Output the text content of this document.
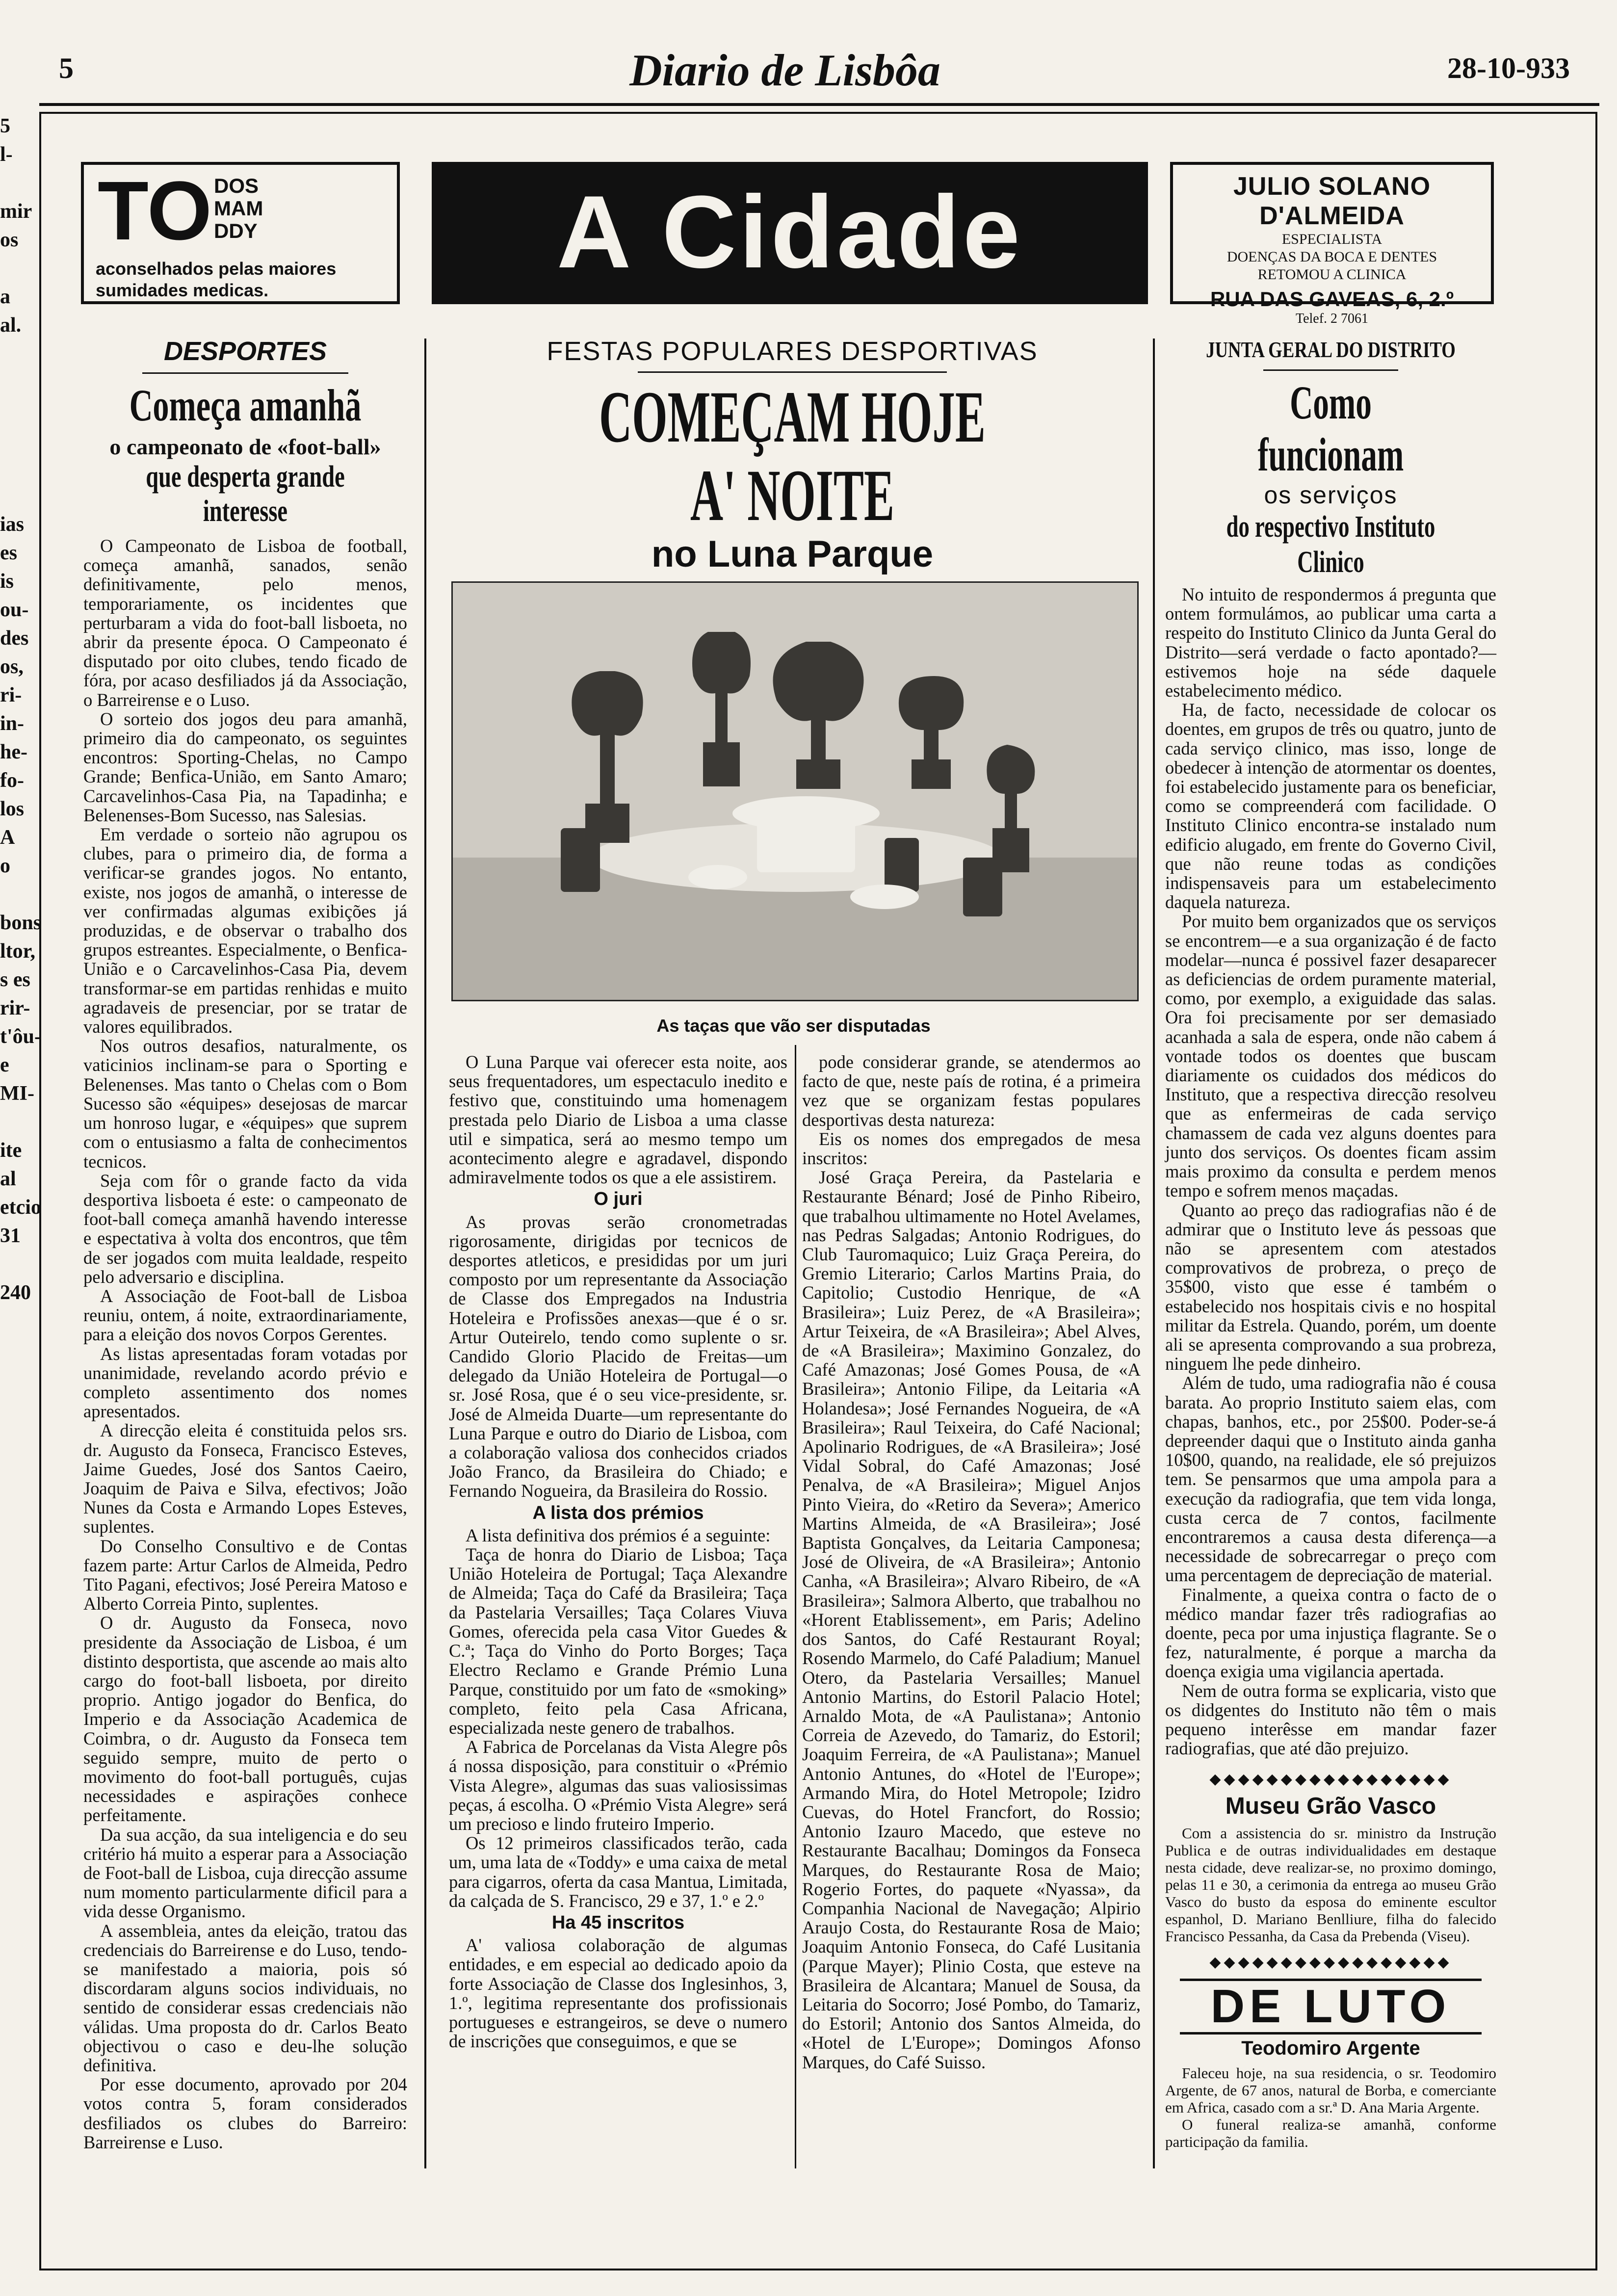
5	Diario de Lisbôa	28-10-933
5
l-

mir
os

a
al.

ias
es
is
ou-
des
os,
ri-
in-
he-
fo-
los
A
o

bons
ltor,
s es
rir-
t'ôu-
e MI-

ite
al
etcio
31

240
TO DOS
MAM
DDY
aconselhados pelas maiores sumidades medicas.
A Cidade	JULIO SOLANO D'ALMEIDA
ESPECIALISTA
DOENÇAS DA BOCA E DENTES
RETOMOU A CLINICA
RUA DAS GAVEAS, 6, 2.º
Telef. 2 7061
DESPORTES
Começa amanhã
o campeonato de «foot-ball»
que desperta grande interesse

O Campeonato de Lisboa de football, começa amanhã, sanados, senão definitivamente, pelo menos, temporariamente, os incidentes que perturbaram a vida do foot-ball lisboeta, no abrir da presente época. O Campeonato é disputado por oito clubes, tendo ficado de fóra, por acaso desfiliados já da Associação, o Barreirense e o Luso.

O sorteio dos jogos deu para amanhã, primeiro dia do campeonato, os seguintes encontros: Sporting-Chelas, no Campo Grande; Benfica-União, em Santo Amaro; Carcavelinhos-Casa Pia, na Tapadinha; e Belenenses-Bom Sucesso, nas Salesias.

Em verdade o sorteio não agrupou os clubes, para o primeiro dia, de forma a verificar-se grandes jogos. No entanto, existe, nos jogos de amanhã, o interesse de ver confirmadas algumas exibições já produzidas, e de observar o trabalho dos grupos estreantes. Especialmente, o Benfica-União e o Carcavelinhos-Casa Pia, devem transformar-se em partidas renhidas e muito agradaveis de presenciar, por se tratar de valores equilibrados.

Nos outros desafios, naturalmente, os vaticinios inclinam-se para o Sporting e Belenenses. Mas tanto o Chelas com o Bom Sucesso são «équipes» desejosas de marcar um honroso lugar, e «équipes» que suprem com o entusiasmo a falta de conhecimentos tecnicos.

Seja com fôr o grande facto da vida desportiva lisboeta é este: o campeonato de foot-ball começa amanhã havendo interesse e espectativa à volta dos encontros, que têm de ser jogados com muita lealdade, respeito pelo adversario e disciplina.

A Associação de Foot-ball de Lisboa reuniu, ontem, á noite, extraordinariamente, para a eleição dos novos Corpos Gerentes.

As listas apresentadas foram votadas por unanimidade, revelando acordo prévio e completo assentimento dos nomes apresentados.

A direcção eleita é constituida pelos srs. dr. Augusto da Fonseca, Francisco Esteves, Jaime Guedes, José dos Santos Caeiro, Joaquim de Paiva e Silva, efectivos; João Nunes da Costa e Armando Lopes Esteves, suplentes.

Do Conselho Consultivo e de Contas fazem parte: Artur Carlos de Almeida, Pedro Tito Pagani, efectivos; José Pereira Matoso e Alberto Correia Pinto, suplentes.

O dr. Augusto da Fonseca, novo presidente da Associação de Lisboa, é um distinto desportista, que ascende ao mais alto cargo do foot-ball lisboeta, por direito proprio. Antigo jogador do Benfica, do Imperio e da Associação Academica de Coimbra, o dr. Augusto da Fonseca tem seguido sempre, muito de perto o movimento do foot-ball português, cujas necessidades e aspirações conhece perfeitamente.

Da sua acção, da sua inteligencia e do seu critério há muito a esperar para a Associação de Foot-ball de Lisboa, cuja direcção assume num momento particularmente dificil para a vida desse Organismo.

A assembleia, antes da eleição, tratou das credenciais do Barreirense e do Luso, tendo-se manifestado a maioria, pois só discordaram alguns socios individuais, no sentido de considerar essas credenciais não válidas. Uma proposta do dr. Carlos Beato objectivou o caso e deu-lhe solução definitiva.

Por esse documento, aprovado por 204 votos contra 5, foram considerados desfiliados os clubes do Barreiro: Barreirense e Luso.

FESTAS POPULARES DESPORTIVAS
COMEÇAM HOJE A' NOITE
no Luna Parque
As taças que vão ser disputadas

O Luna Parque vai oferecer esta noite, aos seus frequentadores, um espectaculo inedito e festivo que, constituindo uma homenagem prestada pelo Diario de Lisboa a uma classe util e simpatica, será ao mesmo tempo um acontecimento alegre e agradavel, dispondo admiravelmente todos os que a ele assistirem.

O juri

As provas serão cronometradas rigorosamente, dirigidas por tecnicos de desportes atleticos, e presididas por um juri composto por um representante da Associação de Classe dos Empregados na Industria Hoteleira e Profissões anexas—que é o sr. Artur Outeirelo, tendo como suplente o sr. Candido Glorio Placido de Freitas—um delegado da União Hoteleira de Portugal—o sr. José Rosa, que é o seu vice-presidente, sr. José de Almeida Duarte—um representante do Luna Parque e outro do Diario de Lisboa, com a colaboração valiosa dos conhecidos criados João Franco, da Brasileira do Chiado; e Fernando Nogueira, da Brasileira do Rossio.

A lista dos prémios

A lista definitiva dos prémios é a seguinte:

Taça de honra do Diario de Lisboa; Taça União Hoteleira de Portugal; Taça Alexandre de Almeida; Taça do Café da Brasileira; Taça da Pastelaria Versailles; Taça Colares Viuva Gomes, oferecida pela casa Vitor Guedes & C.ª; Taça do Vinho do Porto Borges; Taça Electro Reclamo e Grande Prémio Luna Parque, constituido por um fato de «smoking» completo, feito pela Casa Africana, especializada neste genero de trabalhos.

A Fabrica de Porcelanas da Vista Alegre pôs á nossa disposição, para constituir o «Prémio Vista Alegre», algumas das suas valiosissimas peças, á escolha. O «Prémio Vista Alegre» será um precioso e lindo fruteiro Imperio.

Os 12 primeiros classificados terão, cada um, uma lata de «Toddy» e uma caixa de metal para cigarros, oferta da casa Mantua, Limitada, da calçada de S. Francisco, 29 e 37, 1.º e 2.º

Ha 45 inscritos

A' valiosa colaboração de algumas entidades, e em especial ao dedicado apoio da forte Associação de Classe dos Inglesinhos, 3, 1.º, legitima representante dos profissionais portugueses e estrangeiros, se deve o numero de inscrições que conseguimos, e que se

pode considerar grande, se atendermos ao facto de que, neste país de rotina, é a primeira vez que se organizam festas populares desportivas desta natureza:

Eis os nomes dos empregados de mesa inscritos:

José Graça Pereira, da Pastelaria e Restaurante Bénard; José de Pinho Ribeiro, que trabalhou ultimamente no Hotel Avelames, nas Pedras Salgadas; Antonio Rodrigues, do Club Tauromaquico; Luiz Graça Pereira, do Gremio Literario; Carlos Martins Praia, do Capitolio; Custodio Henrique, de «A Brasileira»; Luiz Perez, de «A Brasileira»; Artur Teixeira, de «A Brasileira»; Abel Alves, de «A Brasileira»; Maximino Gonzalez, do Café Amazonas; José Gomes Pousa, de «A Brasileira»; Antonio Filipe, da Leitaria «A Holandesa»; José Fernandes Nogueira, de «A Brasileira»; Raul Teixeira, do Café Nacional; Apolinario Rodrigues, de «A Brasileira»; José Vidal Sobral, do Café Amazonas; José Penalva, de «A Brasileira»; Miguel Anjos Pinto Vieira, do «Retiro da Severa»; Americo Martins Almeida, de «A Brasileira»; José Baptista Gonçalves, da Leitaria Camponesa; José de Oliveira, de «A Brasileira»; Antonio Canha, «A Brasileira»; Alvaro Ribeiro, de «A Brasileira»; Salmora Alberto, que trabalhou no «Horent Etablissement», em Paris; Adelino dos Santos, do Café Restaurant Royal; Rosendo Marmelo, do Café Paladium; Manuel Otero, da Pastelaria Versailles; Manuel Antonio Martins, do Estoril Palacio Hotel; Arnaldo Mota, de «A Paulistana»; Antonio Correia de Azevedo, do Tamariz, do Estoril; Joaquim Ferreira, de «A Paulistana»; Manuel Antonio Antunes, do «Hotel de l'Europe»; Armando Mira, do Hotel Metropole; Izidro Cuevas, do Hotel Francfort, do Rossio; Antonio Izauro Macedo, que esteve no Restaurante Bacalhau; Domingos da Fonseca Marques, do Restaurante Rosa de Maio; Rogerio Fortes, do paquete «Nyassa», da Companhia Nacional de Navegação; Alpirio Araujo Costa, do Restaurante Rosa de Maio; Joaquim Antonio Fonseca, do Café Lusitania (Parque Mayer); Plinio Costa, que esteve na Brasileira de Alcantara; Manuel de Sousa, da Leitaria do Socorro; José Pombo, do Tamariz, do Estoril; Antonio dos Santos Almeida, do «Hotel de L'Europe»; Domingos Afonso Marques, do Café Suisso.

JUNTA GERAL DO DISTRITO
Como funcionam
os serviços
do respectivo Instituto Clinico

No intuito de respondermos á pregunta que ontem formulámos, ao publicar uma carta a respeito do Instituto Clinico da Junta Geral do Distrito—será verdade o facto apontado?—estivemos hoje na séde daquele estabelecimento médico.

Ha, de facto, necessidade de colocar os doentes, em grupos de três ou quatro, junto de cada serviço clinico, mas isso, longe de obedecer à intenção de atormentar os doentes, foi estabelecido justamente para os beneficiar, como se compreenderá com facilidade. O Instituto Clinico encontra-se instalado num edificio alugado, em frente do Governo Civil, que não reune todas as condições indispensaveis para um estabelecimento daquela natureza.

Por muito bem organizados que os serviços se encontrem—e a sua organização é de facto modelar—nunca é possivel fazer desaparecer as deficiencias de ordem puramente material, como, por exemplo, a exiguidade das salas. Ora foi precisamente por ser demasiado acanhada a sala de espera, onde não cabem á vontade todos os doentes que buscam diariamente os cuidados dos médicos do Instituto, que a respectiva direcção resolveu que as enfermeiras de cada serviço chamassem de cada vez alguns doentes para junto dos serviços. Os doentes ficam assim mais proximo da consulta e perdem menos tempo e sofrem menos maçadas.

Quanto ao preço das radiografias não é de admirar que o Instituto leve ás pessoas que não se apresentem com atestados comprovativos de probreza, o preço de 35$00, visto que esse é também o estabelecido nos hospitais civis e no hospital militar da Estrela. Quando, porém, um doente ali se apresenta comprovando a sua probreza, ninguem lhe pede dinheiro.

Além de tudo, uma radiografia não é cousa barata. Ao proprio Instituto saiem elas, com chapas, banhos, etc., por 25$00. Poder-se-á depreender daqui que o Instituto ainda ganha 10$00, quando, na realidade, ele só prejuizos tem. Se pensarmos que uma ampola para a execução da radiografia, que tem vida longa, custa cerca de 7 contos, facilmente encontraremos a causa desta diferença—a necessidade de sobrecarregar o preço com uma percentagem de depreciação de material.

Finalmente, a queixa contra o facto de o médico mandar fazer três radiografias ao doente, peca por uma injustiça flagrante. Se o fez, naturalmente, é porque a marcha da doença exigia uma vigilancia apertada.

Nem de outra forma se explicaria, visto que os didgentes do Instituto não têm o mais pequeno interêsse em mandar fazer radiografias, que até dão prejuizo.

◆◆◆◆◆◆◆◆◆◆◆◆◆◆◆◆◆
Museu Grão Vasco

Com a assistencia do sr. ministro da Instrução Publica e de outras individualidades em destaque nesta cidade, deve realizar-se, no proximo domingo, pelas 11 e 30, a cerimonia da entrega ao museu Grão Vasco do busto da esposa do eminente escultor espanhol, D. Mariano Benlliure, filha do falecido Francisco Pessanha, da Casa da Prebenda (Viseu).

◆◆◆◆◆◆◆◆◆◆◆◆◆◆◆◆◆
DE LUTO
Teodomiro Argente

Faleceu hoje, na sua residencia, o sr. Teodomiro Argente, de 67 anos, natural de Borba, e comerciante em Africa, casado com a sr.ª D. Ana Maria Argente.

O funeral realiza-se amanhã, conforme participação da familia.
